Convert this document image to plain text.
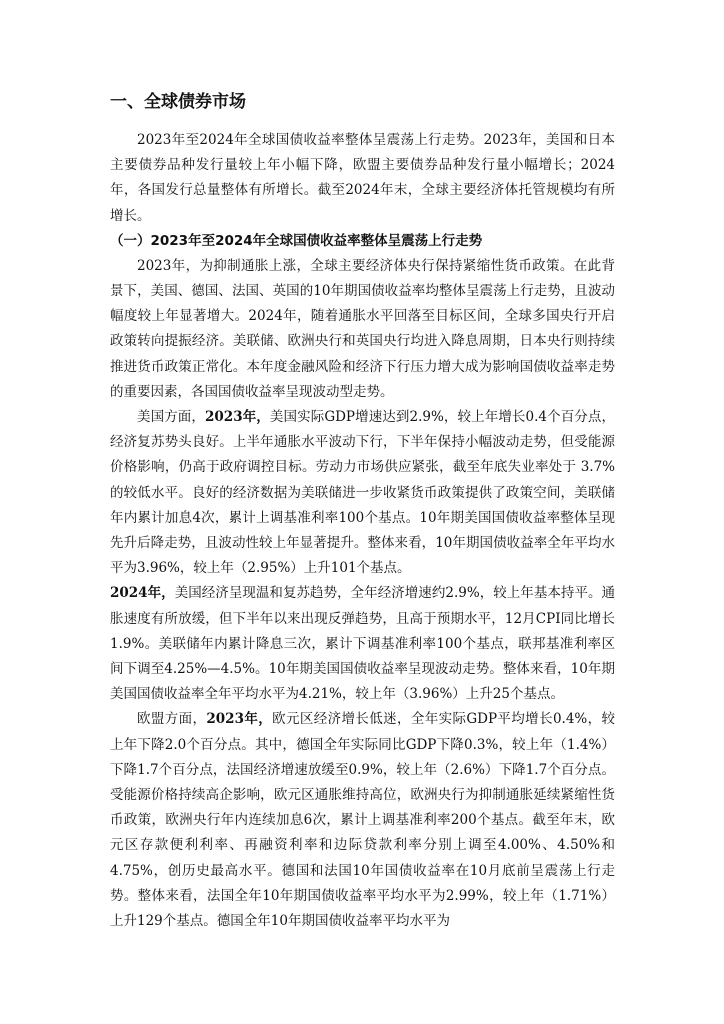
一、全球债券市场

2023年至2024年全球国债收益率整体呈震荡上行走势。2023年，美国和日本主要债券品种发行量较上年小幅下降，欧盟主要债券品种发行量小幅增长；2024年，各国发行总量整体有所增长。截至2024年末，全球主要经济体托管规模均有所增长。

（一）2023年至2024年全球国债收益率整体呈震荡上行走势

2023年，为抑制通胀上涨，全球主要经济体央行保持紧缩性货币政策。在此背景下，美国、德国、法国、英国的10年期国债收益率均整体呈震荡上行走势，且波动幅度较上年显著增大。2024年，随着通胀水平回落至目标区间，全球多国央行开启政策转向提振经济。美联储、欧洲央行和英国央行均进入降息周期，日本央行则持续推进货币政策正常化。本年度金融风险和经济下行压力增大成为影响国债收益率走势的重要因素，各国国债收益率呈现波动型走势。

美国方面，2023年，美国实际GDP增速达到2.9%，较上年增长0.4个百分点，经济复苏势头良好。上半年通胀水平波动下行，下半年保持小幅波动走势，但受能源价格影响，仍高于政府调控目标。劳动力市场供应紧张，截至年底失业率处于 3.7%的较低水平。良好的经济数据为美联储进一步收紧货币政策提供了政策空间，美联储年内累计加息4次，累计上调基准利率100个基点。10年期美国国债收益率整体呈现先升后降走势，且波动性较上年显著提升。整体来看，10年期国债收益率全年平均水平为3.96%，较上年（2.95%）上升101个基点。

2024年，美国经济呈现温和复苏趋势，全年经济增速约2.9%，较上年基本持平。通胀速度有所放缓，但下半年以来出现反弹趋势，且高于预期水平，12月CPI同比增长1.9%。美联储年内累计降息三次，累计下调基准利率100个基点，联邦基准利率区间下调至4.25%—4.5%。10年期美国国债收益率呈现波动走势。整体来看，10年期美国国债收益率全年平均水平为4.21%，较上年（3.96%）上升25个基点。

欧盟方面，2023年，欧元区经济增长低迷，全年实际GDP平均增长0.4%，较上年下降2.0个百分点。其中，德国全年实际同比GDP下降0.3%，较上年（1.4%）下降1.7个百分点，法国经济增速放缓至0.9%，较上年（2.6%）下降1.7个百分点。受能源价格持续高企影响，欧元区通胀维持高位，欧洲央行为抑制通胀延续紧缩性货币政策，欧洲央行年内连续加息6次，累计上调基准利率200个基点。截至年末，欧元区存款便利利率、再融资利率和边际贷款利率分别上调至4.00%、4.50%和4.75%，创历史最高水平。德国和法国10年国债收益率在10月底前呈震荡上行走势。整体来看，法国全年10年期国债收益率平均水平为2.99%，较上年（1.71%）上升129个基点。德国全年10年期国债收益率平均水平为
